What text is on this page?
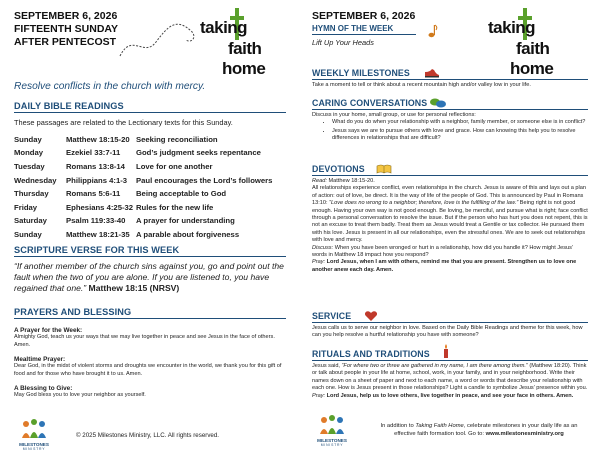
SEPTEMBER 6, 2026
FIFTEENTH SUNDAY
AFTER PENTECOST
taking
faith
home

Resolve conflicts in the church with mercy.

DAILY BIBLE READINGS

These passages are related to the Lectionary texts for this Sunday.

Sunday	Matthew 18:15-20	Seeking reconciliation
Monday	Ezekiel 33:7-11	God’s judgment seeks repentance
Tuesday	Romans 13:8-14	Love for one another
Wednesday	Philippians 4:1-3	Paul encourages the Lord’s followers
Thursday	Romans 5:6-11	Being acceptable to God
Friday	Ephesians 4:25-32	Rules for the new life
Saturday	Psalm 119:33-40	A prayer for understanding
Sunday	Matthew 18:21-35	A parable about forgiveness

SCRIPTURE VERSE FOR THIS WEEK

“If another member of the church sins against you, go and point out the fault when the two of you are alone. If you are listened to, you have regained that one.” Matthew 18:15 (NRSV)

PRAYERS AND BLESSING

A Prayer for the Week:

Almighty God, teach us your ways that we may live together in peace and see Jesus in the face of others. Amen.

Mealtime Prayer:

Dear God, in the midst of violent storms and droughts we encounter in the world, we thank you for this gift of food and for those who have brought it to us. Amen.

A Blessing to Give:

May God bless you to love your neighbor as yourself.

MILESTONES
MINISTRY
© 2025 Milestones Ministry, LLC. All rights reserved.
SEPTEMBER 6, 2026
HYMN OF THE WEEK
Lift Up Your Heads
taking
faith
home

WEEKLY MILESTONES

Take a moment to tell or think about a recent mountain high and/or valley low in your life.

CARING CONVERSATIONS

Discuss in your home, small group, or use for personal reflections:

• What do you do when your relationship with a neighbor, family member, or someone else is in conflict?
• Jesus says we are to pursue others with love and grace. How can knowing this help you to resolve differences in relationships that are difficult?

DEVOTIONS

Read: Matthew 18:15-20.

All relationships experience conflict, even relationships in the church. Jesus is aware of this and lays out a plan of action: out of love, be direct. It is the way of life of the people of God. This is announced by Paul in Romans 13:10: “Love does no wrong to a neighbor; therefore, love is the fulfilling of the law.” Being right is not good enough. Having your own way is not good enough. Be loving, be merciful, and pursue what is right; face conflict through a personal conversation to resolve the issue. But if the person who has hurt you does not repent, this is not an excuse to treat them badly. Treat them as Jesus would treat a Gentile or tax collector. He pursued them with his love. Jesus is present in all our relationships, even the stressful ones. We are to seek out relationships with love and mercy.

Discuss: When you have been wronged or hurt in a relationship, how did you handle it? How might Jesus’ words in Matthew 18 impact how you respond?

Pray: Lord Jesus, when I am with others, remind me that you are present. Strengthen us to love one another anew each day. Amen.

SERVICE

Jesus calls us to serve our neighbor in love. Based on the Daily Bible Readings and theme for this week, how can you help resolve a hurtful relationship you have with someone?

RITUALS AND TRADITIONS

Jesus said, “For where two or three are gathered in my name, I am there among them.” (Matthew 18:20). Think or talk about people in your life at home, school, work, in your family, and in your neighborhood. Write their names down on a sheet of paper and next to each name, a word or words that describe your relationship with each one. How is Jesus present in those relationships? Light a candle to symbolize Jesus’ presence within you.

Pray: Lord Jesus, help us to love others, live together in peace, and see your face in others. Amen.

MILESTONES
MINISTRY
In addition to Taking Faith Home, celebrate milestones in your daily life as an
effective faith formation tool. Go to: www.milestonesministry.org
